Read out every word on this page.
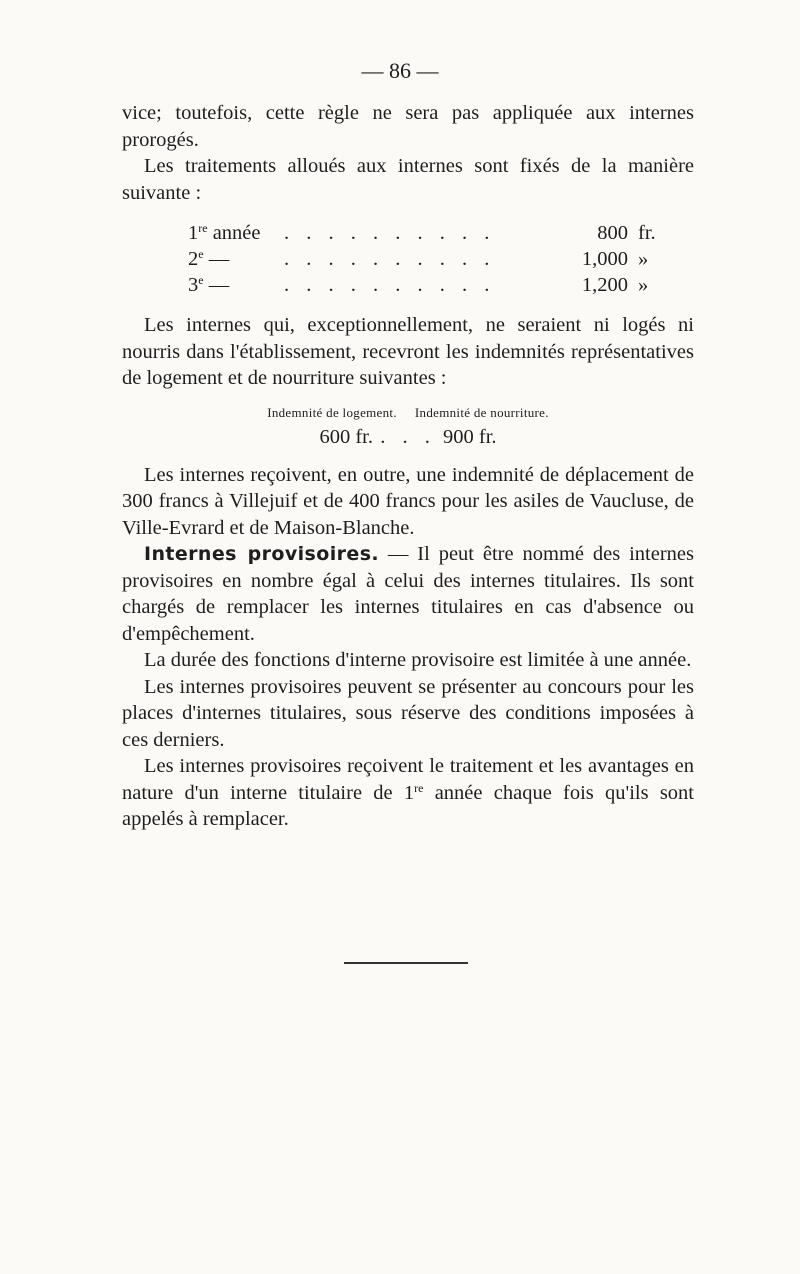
— 86 —

vice; toutefois, cette règle ne sera pas appliquée aux internes prorogés.

Les traitements alloués aux internes sont fixés de la manière suivante :

1re année	. . . . . . . . . .	800 fr.
2e —	. . . . . . . . . .	1,000 »
3e —	. . . . . . . . . .	1,200 »

Les internes qui, exceptionnellement, ne seraient ni logés ni nourris dans l'établissement, recevront les indemnités représentatives de logement et de nourriture suivantes :

Indemnité de logement. Indemnité de nourriture.
600 fr. . . . 900 fr.

Les internes reçoivent, en outre, une indemnité de déplacement de 300 francs à Villejuif et de 400 francs pour les asiles de Vaucluse, de Ville-Evrard et de Maison-Blanche.

Internes provisoires. — Il peut être nommé des internes provisoires en nombre égal à celui des internes titulaires. Ils sont chargés de remplacer les internes titulaires en cas d'absence ou d'empêchement.

La durée des fonctions d'interne provisoire est limitée à une année.

Les internes provisoires peuvent se présenter au concours pour les places d'internes titulaires, sous réserve des conditions imposées à ces derniers.

Les internes provisoires reçoivent le traitement et les avantages en nature d'un interne titulaire de 1re année chaque fois qu'ils sont appelés à remplacer.
